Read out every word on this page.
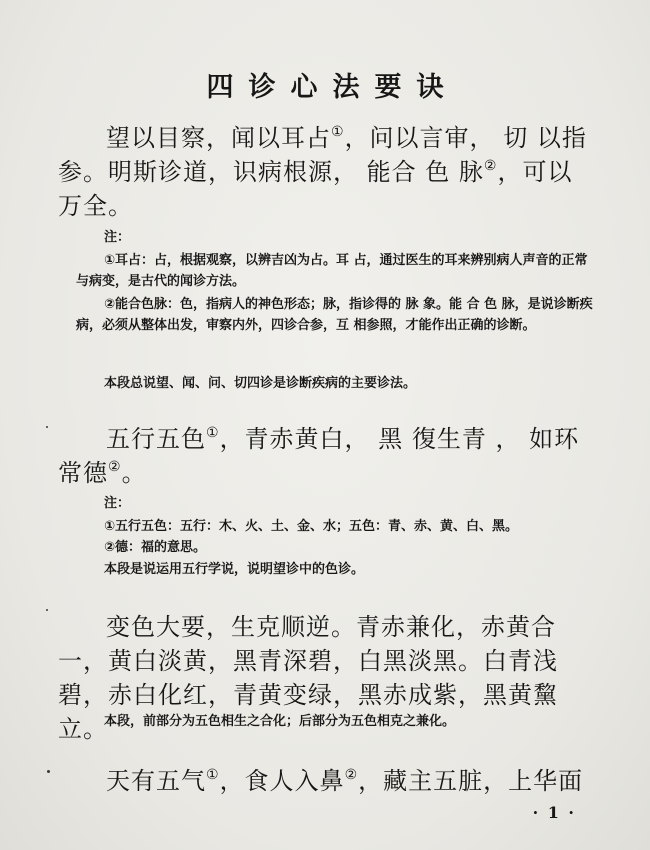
四诊心法要诀

望以目察，闻以耳占①，问以言审， 切 以指参。明斯诊道，识病根源， 能合 色 脉②，可以万全。

注：

①耳占：占，根据观察，以辨吉凶为占。耳 占，通过医生的耳来辨别病人声音的正常与病变，是古代的闻诊方法。

②能合色脉：色，指病人的神色形态；脉，指诊得的 脉 象。能 合 色 脉，是说诊断疾病，必须从整体出发，审察内外，四诊合参，互 相参照，才能作出正确的诊断。

本段总说望、闻、问、切四诊是诊断疾病的主要诊法。

五行五色①，青赤黄白， 黑 復生青 ， 如环常德②。

注：

①五行五色：五行：木、火、土、金、水；五色：青、赤、黄、白、黑。

②德：福的意思。

本段是说运用五行学说，说明望诊中的色诊。

变色大要，生克顺逆。青赤兼化，赤黄合一，黄白淡黄，黑青深碧，白黑淡黑。白青浅碧，赤白化红，青黄变绿，黑赤成紫，黑黄黧立。

本段，前部分为五色相生之合化；后部分为五色相克之兼化。

天有五气①，食人入鼻②，藏主五脏，上华面

· 1 ·
